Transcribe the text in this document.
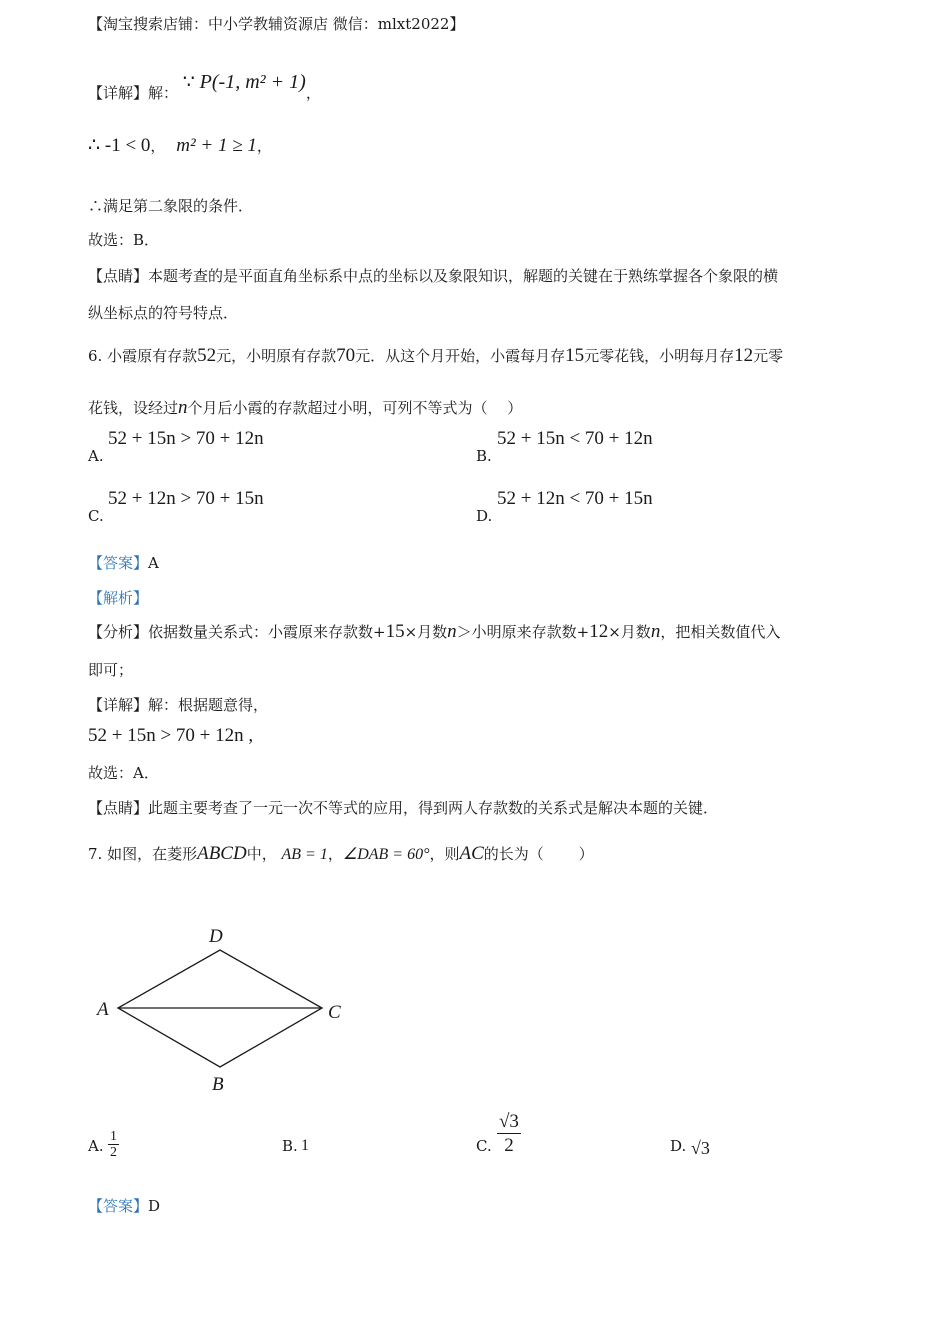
【淘宝搜索店铺：中小学教辅资源店 微信：mlxt2022】
【详解】解： ∵ P(-1, m² + 1)，
∴ -1 < 0， m² + 1 ≥ 1，
∴满足第二象限的条件．
故选：B．
【点睛】本题考查的是平面直角坐标系中点的坐标以及象限知识，解题的关键在于熟练掌握各个象限的横
纵坐标点的符号特点．
6. 小霞原有存款52元，小明原有存款70元．从这个月开始，小霞每月存15元零花钱，小明每月存12元零
花钱，设经过n个月后小霞的存款超过小明，可列不等式为（　 ）
A.
52 + 15n > 70 + 12n
B.
52 + 15n < 70 + 12n
C.
52 + 12n > 70 + 15n
D.
52 + 12n < 70 + 15n
【答案】A
【解析】
【分析】依据数量关系式：小霞原来存款数+15×月数n＞小明原来存款数+12×月数n，把相关数值代入
即可；
【详解】解：根据题意得，
52 + 15n > 70 + 12n ,
故选：A．
【点睛】此题主要考查了一元一次不等式的应用，得到两人存款数的关系式是解决本题的关键．
7. 如图，在菱形ABCD中， AB = 1，∠DAB = 60°，则AC的长为（　　 ）
D
A	C
B
A. $\frac{1}{2}$	B. 1	C. $\frac{√3}{2}$	D. √3
【答案】D
